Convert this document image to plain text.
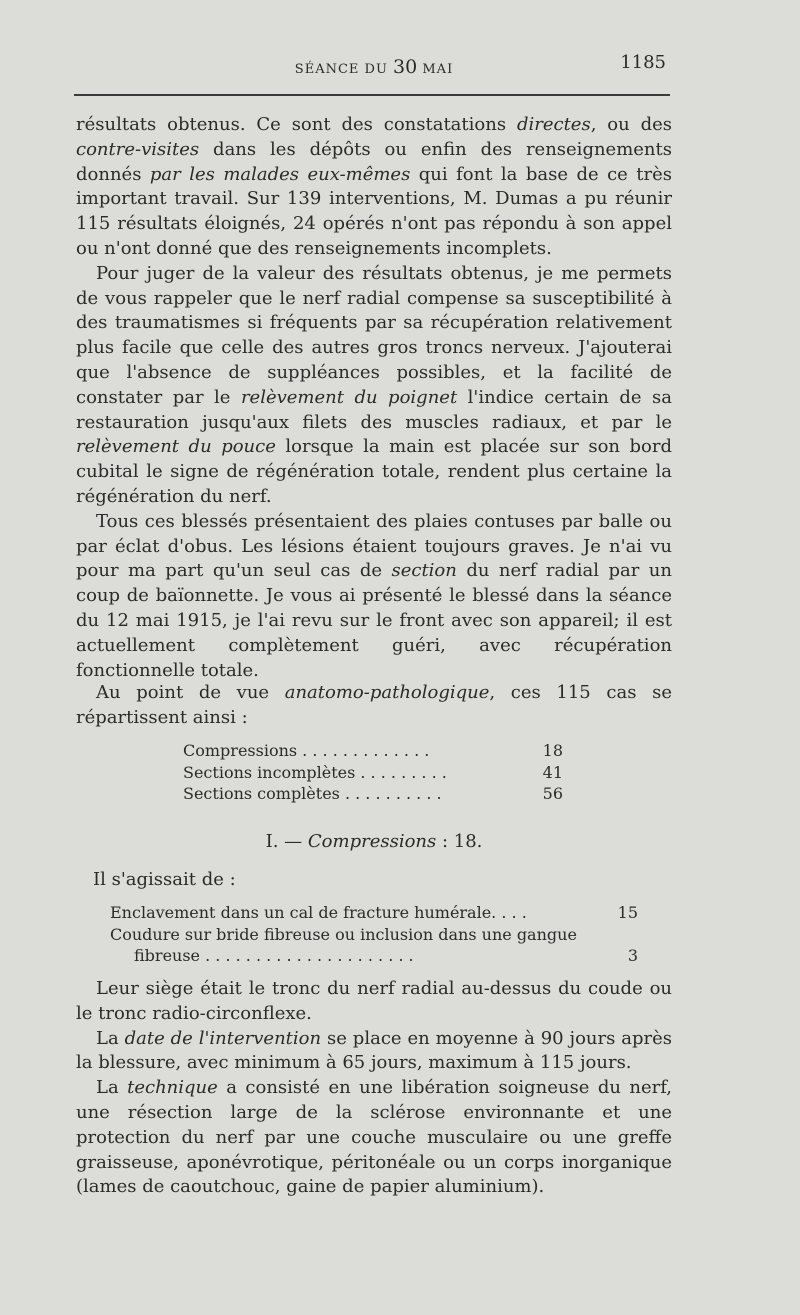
SÉANCE DU 30 MAI	1185

résultats obtenus. Ce sont des constatations directes, ou des contre-visites dans les dépôts ou enfin des renseignements donnés par les malades eux-mêmes qui font la base de ce très important travail. Sur 139 interventions, M. Dumas a pu réunir 115 résultats éloignés, 24 opérés n'ont pas répondu à son appel ou n'ont donné que des renseignements incomplets.

Pour juger de la valeur des résultats obtenus, je me permets de vous rappeler que le nerf radial compense sa susceptibilité à des traumatismes si fréquents par sa récupération relativement plus facile que celle des autres gros troncs nerveux. J'ajouterai que l'absence de suppléances possibles, et la facilité de constater par le relèvement du poignet l'indice certain de sa restauration jusqu'aux filets des muscles radiaux, et par le relèvement du pouce lorsque la main est placée sur son bord cubital le signe de régénération totale, rendent plus certaine la régénération du nerf.

Tous ces blessés présentaient des plaies contuses par balle ou par éclat d'obus. Les lésions étaient toujours graves. Je n'ai vu pour ma part qu'un seul cas de section du nerf radial par un coup de baïonnette. Je vous ai présenté le blessé dans la séance du 12 mai 1915, je l'ai revu sur le front avec son appareil; il est actuellement complètement guéri, avec récupération fonctionnelle totale.

Au point de vue anatomo-pathologique, ces 115 cas se répartissent ainsi :

Compressions . . . . . . . . . . . . .	18
Sections incomplètes . . . . . . . . .	41
Sections complètes . . . . . . . . . .	56
I. — Compressions : 18.
Il s'agissait de :
Enclavement dans un cal de fracture humérale. . . .	15
Coudure sur bride fibreuse ou inclusion dans une gangue
fibreuse . . . . . . . . . . . . . . . . . . . . .	3

Leur siège était le tronc du nerf radial au-dessus du coude ou le tronc radio-circonflexe.

La date de l'intervention se place en moyenne à 90 jours après la blessure, avec minimum à 65 jours, maximum à 115 jours.

La technique a consisté en une libération soigneuse du nerf, une résection large de la sclérose environnante et une protection du nerf par une couche musculaire ou une greffe graisseuse, aponévrotique, péritonéale ou un corps inorganique (lames de caoutchouc, gaine de papier aluminium).
